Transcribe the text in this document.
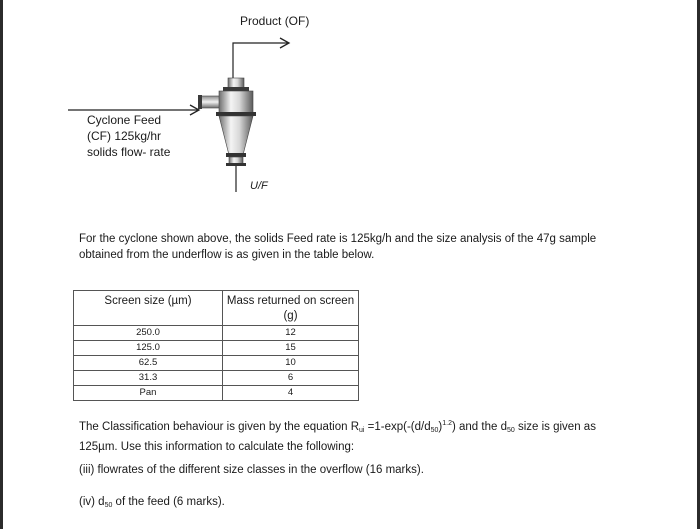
Product (OF)
Cyclone Feed
(CF) 125kg/hr
solids flow- rate
U/F
For the cyclone shown above, the solids Feed rate is 125kg/h and the size analysis of the 47g sample obtained from the underflow is as given in the table below.
Screen size (µm)	Mass returned on screen (g)
250.0	12
125.0	15
62.5	10
31.3	6
Pan	4
The Classification behaviour is given by the equation $R_{ui} =1-\exp(-(d/d_{50})^{1.2})$ and the $d_{50}$ size is given as 125µm. Use this information to calculate the following:
(iii) flowrates of the different size classes in the overflow (16 marks).
(iv) $d_{50}$ of the feed (6 marks).
